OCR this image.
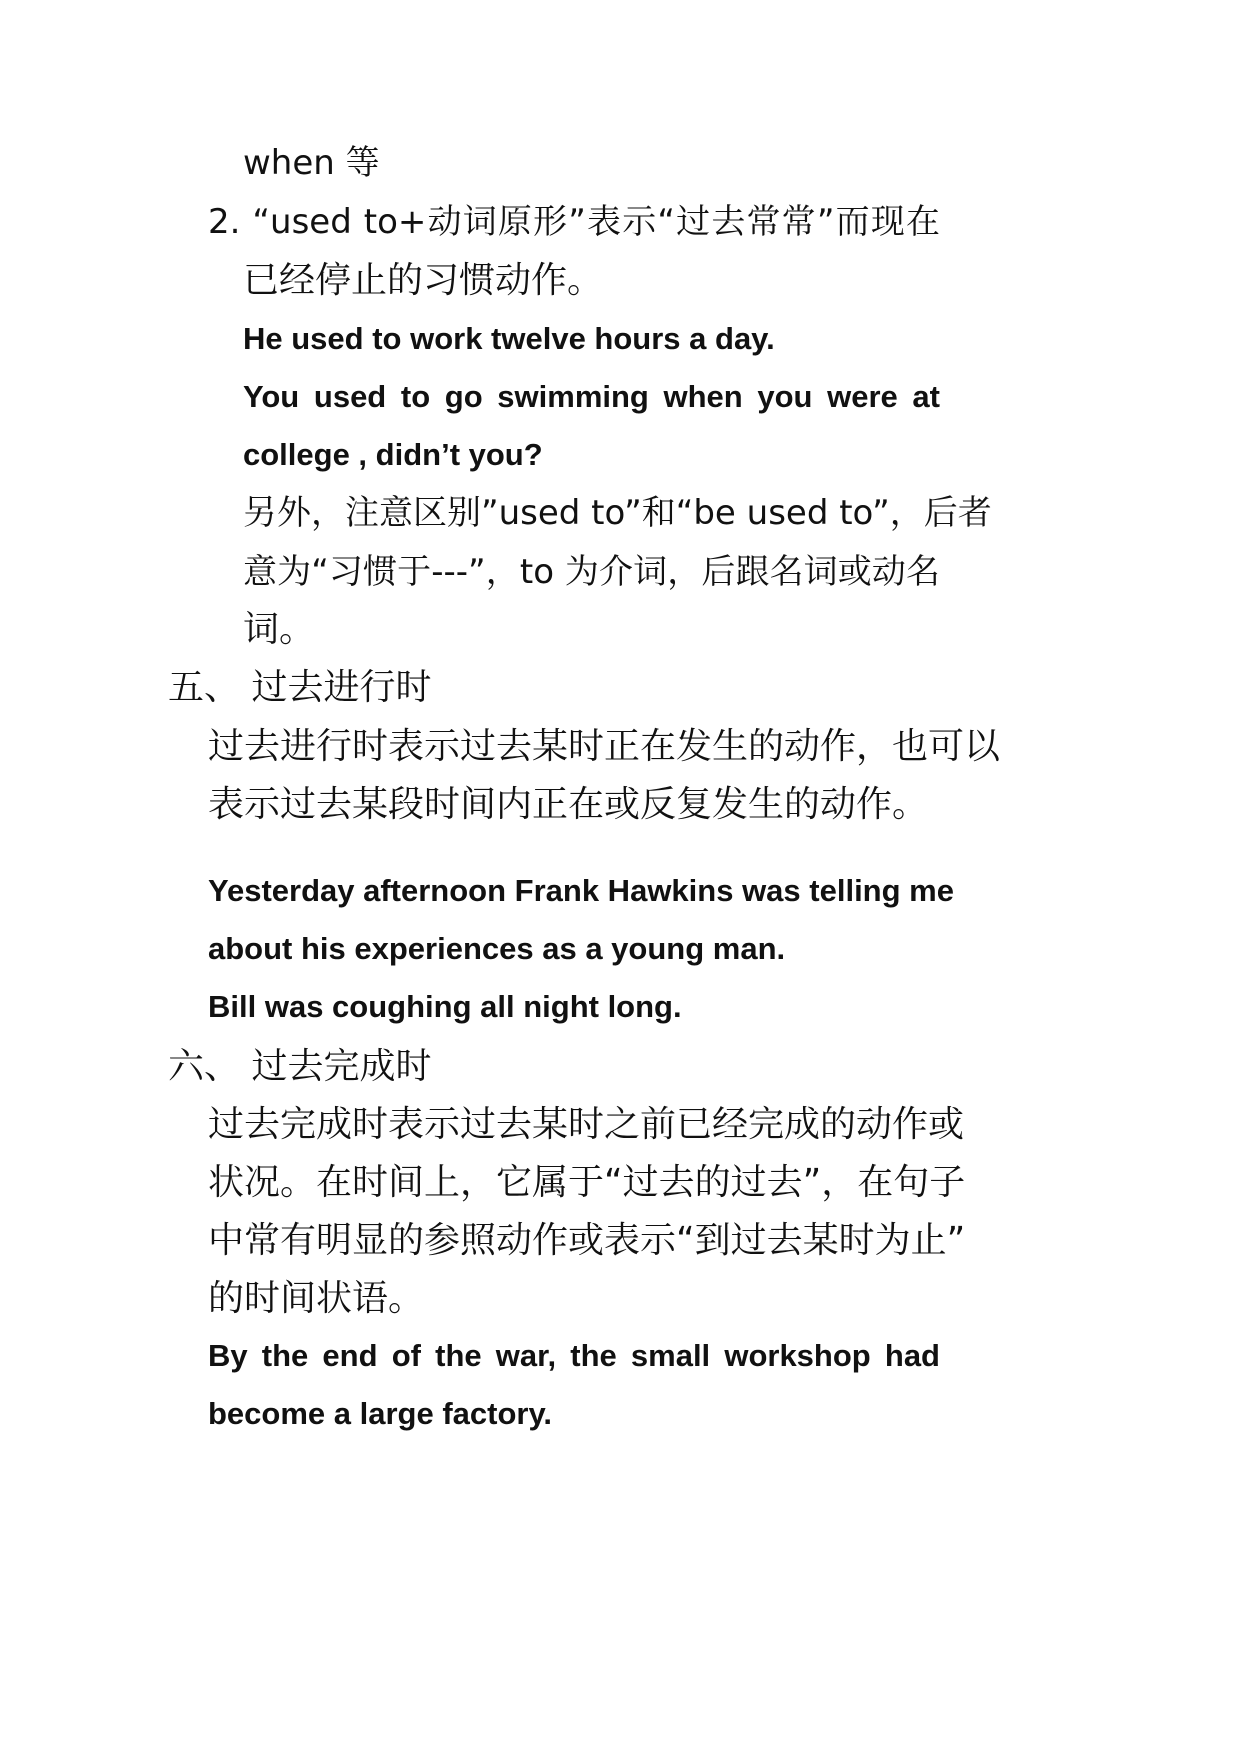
when 等
2. “used to+动词原形”表示“过去常常”而现在
已经停止的习惯动作。
He used to work twelve hours a day.
You used to go swimming when you were at
college , didn’t you?
另外，注意区别”used to”和“be used to”，后者
意为“习惯于---”，to 为介词，后跟名词或动名
词。
五、 过去进行时
过去进行时表示过去某时正在发生的动作，也可以
表示过去某段时间内正在或反复发生的动作。
Yesterday afternoon Frank Hawkins was telling me
about his experiences as a young man.
Bill was coughing all night long.
六、 过去完成时
过去完成时表示过去某时之前已经完成的动作或
状况。在时间上，它属于“过去的过去”，在句子
中常有明显的参照动作或表示“到过去某时为止”
的时间状语。
By the end of the war, the small workshop had
become a large factory.
